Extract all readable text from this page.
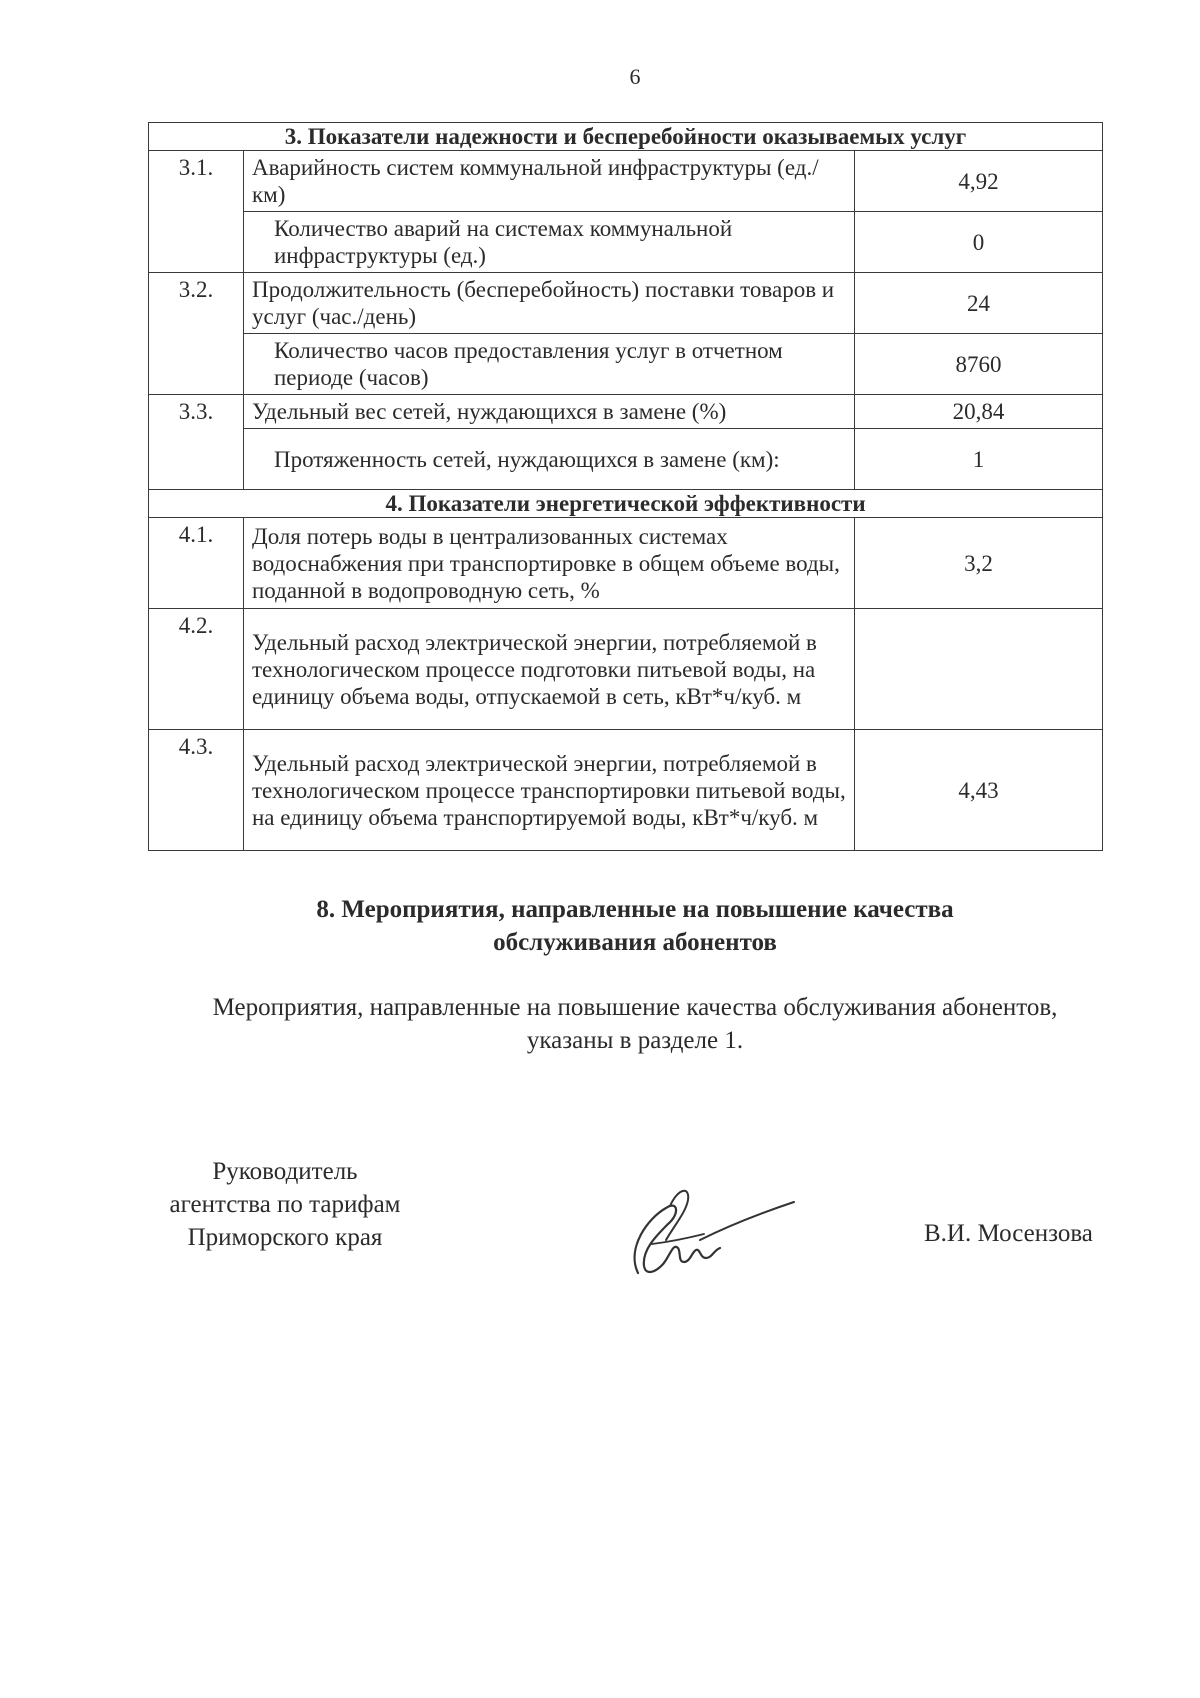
6
3. Показатели надежности и бесперебойности оказываемых услуг		
3.1.	Аварийность систем коммунальной инфраструктуры (ед./км)	4,92

	Количество аварий на системах коммунальной инфраструктуры (ед.)	0
3.2.	Продолжительность (бесперебойность) поставки товаров и услуг (час./день)	24

	Количество часов предоставления услуг в отчетном периоде (часов)	8760
3.3.	Удельный вес сетей, нуждающихся в замене (%)	20,84

	Протяженность сетей, нуждающихся в замене (км):	1
4. Показатели энергетической эффективности		
4.1.	Доля потерь воды в централизованных системах водоснабжения при транспортировке в общем объеме воды, поданной в водопроводную сеть, %	3,2
4.2.	Удельный расход электрической энергии, потребляемой в технологическом процессе подготовки питьевой воды, на единицу объема воды, отпускаемой в сеть, кВт*ч/куб. м	
4.3.	Удельный расход электрической энергии, потребляемой в технологическом процессе транспортировки питьевой воды, на единицу объема транспортируемой воды, кВт*ч/куб. м	4,43
8. Мероприятия, направленные на повышение качества
обслуживания абонентов
Мероприятия, направленные на повышение качества обслуживания абонентов,
указаны в разделе 1.
Руководитель
агентства по тарифам
Приморского края	В.И. Мосензова
